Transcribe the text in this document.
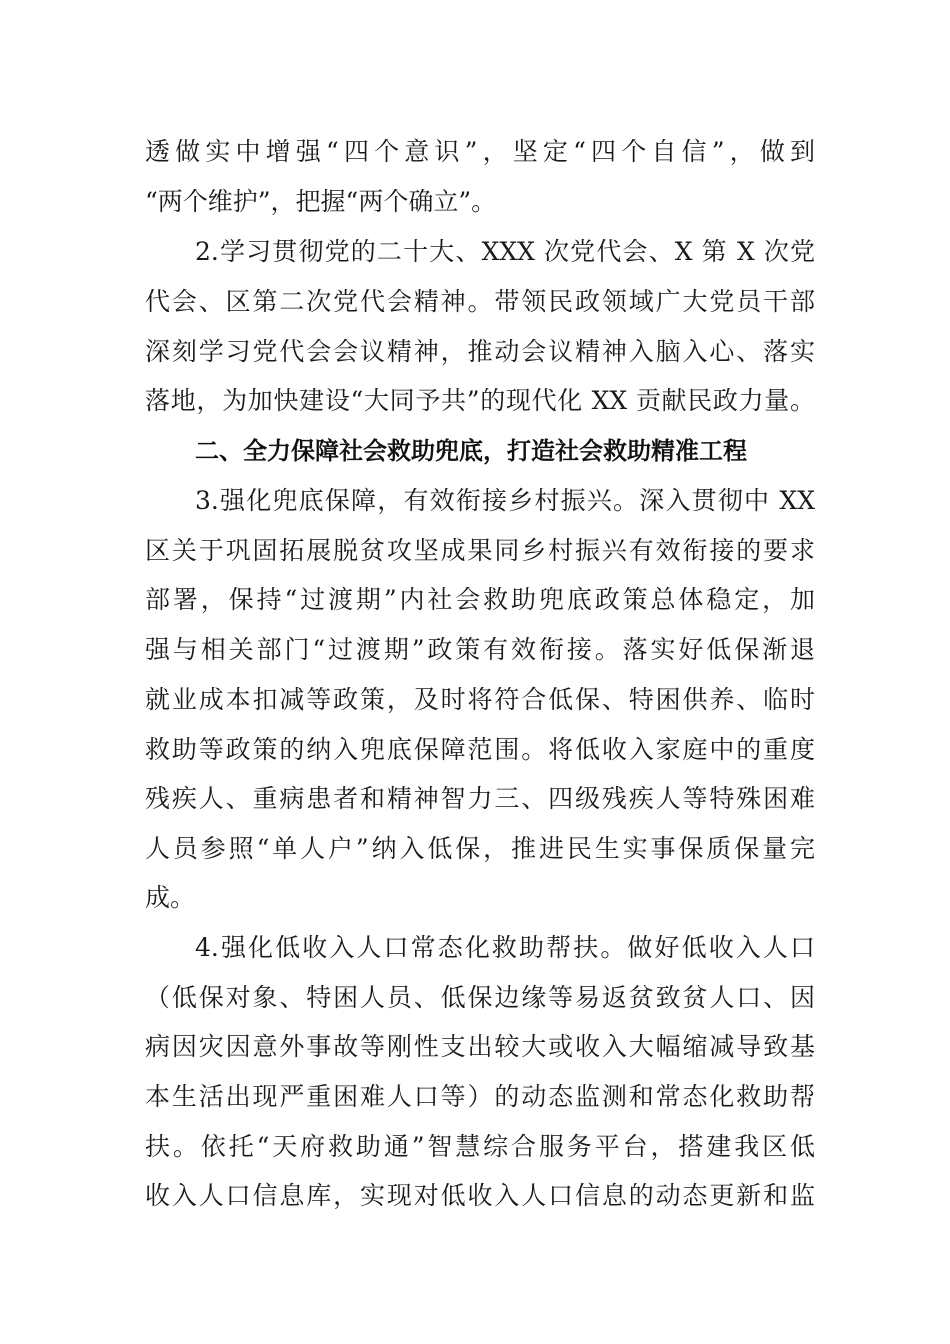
透做实中增强“四个意识”，坚定“四个自信”，做到
“两个维护”，把握“两个确立”。
2.学习贯彻党的二十大、XXX 次党代会、X 第 X 次党
代会、区第二次党代会精神。带领民政领域广大党员干部
深刻学习党代会会议精神，推动会议精神入脑入心、落实
落地，为加快建设“大同予共”的现代化 XX 贡献民政力量。
二、全力保障社会救助兜底，打造社会救助精准工程
3.强化兜底保障，有效衔接乡村振兴。深入贯彻中 XX
区关于巩固拓展脱贫攻坚成果同乡村振兴有效衔接的要求
部署，保持“过渡期”内社会救助兜底政策总体稳定，加
强与相关部门“过渡期”政策有效衔接。落实好低保渐退
就业成本扣减等政策，及时将符合低保、特困供养、临时
救助等政策的纳入兜底保障范围。将低收入家庭中的重度
残疾人、重病患者和精神智力三、四级残疾人等特殊困难
人员参照“单人户”纳入低保，推进民生实事保质保量完
成。
4.强化低收入人口常态化救助帮扶。做好低收入人口
（低保对象、特困人员、低保边缘等易返贫致贫人口、因
病因灾因意外事故等刚性支出较大或收入大幅缩减导致基
本生活出现严重困难人口等）的动态监测和常态化救助帮
扶。依托“天府救助通”智慧综合服务平台，搭建我区低
收入人口信息库，实现对低收入人口信息的动态更新和监
